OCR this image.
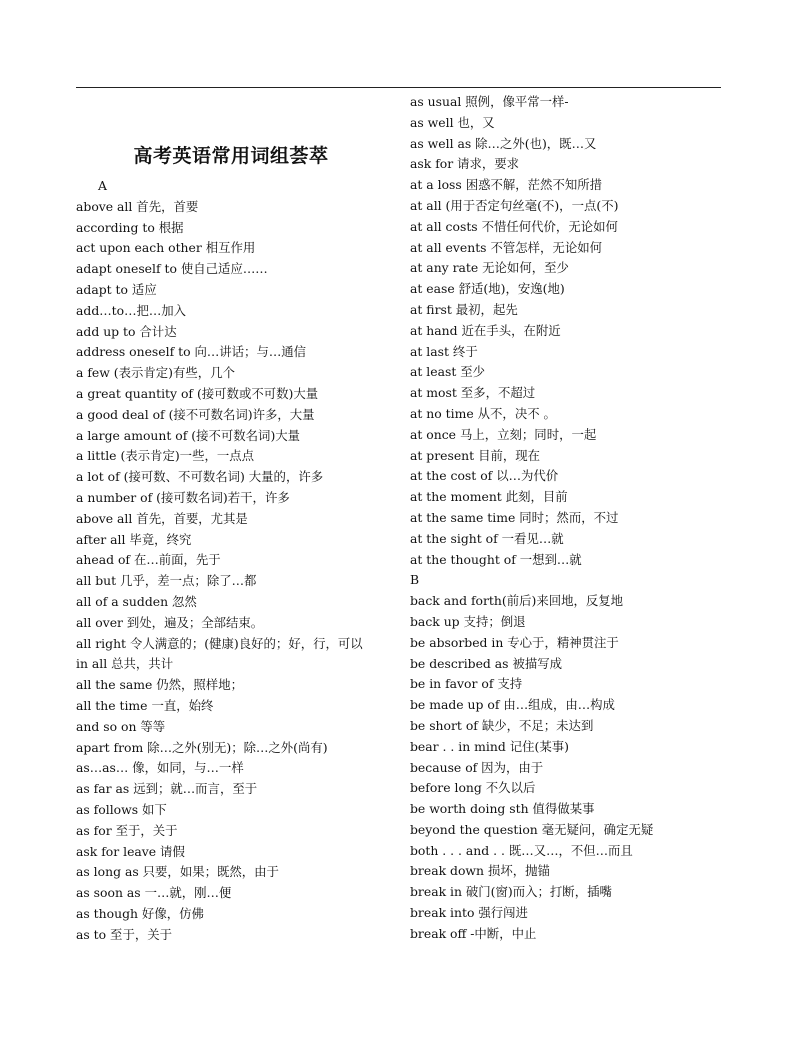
高考英语常用词组荟萃
A
above all 首先，首要
according to 根据
act upon each other 相互作用
adapt oneself to 使自己适应……
adapt to 适应
add…to…把…加入
add up to 合计达
address oneself to 向…讲话；与…通信
a few (表示肯定)有些，几个
a great quantity of (接可数或不可数)大量
a good deal of (接不可数名词)许多，大量
a large amount of (接不可数名词)大量
a little (表示肯定)一些，一点点
a lot of (接可数、不可数名词) 大量的，许多
a number of (接可数名词)若干，许多
above all 首先，首要，尤其是
after all 毕竟，终究
ahead of 在…前面，先于
all but 几乎，差一点；除了…都
all of a sudden 忽然
all over 到处，遍及；全部结束。
all right 令人满意的；(健康)良好的；好，行，可以
in all 总共，共计
all the same 仍然，照样地；
all the time 一直，始终
and so on 等等
apart from 除…之外(别无)；除…之外(尚有)
as…as… 像，如同，与…一样
as far as 远到；就…而言，至于
as follows 如下
as for 至于，关于
ask for leave 请假
as long as 只要，如果；既然，由于
as soon as 一…就，刚…便
as though 好像，仿佛
as to 至于，关于
as usual 照例，像平常一样-
as well 也，又
as well as 除…之外(也)，既…又
ask for 请求，要求
at a loss 困惑不解，茫然不知所措
at all (用于否定句丝毫(不)，一点(不)
at all costs 不惜任何代价，无论如何
at all events 不管怎样，无论如何
at any rate 无论如何，至少
at ease 舒适(地)，安逸(地)
at first 最初，起先
at hand 近在手头，在附近
at last 终于
at least 至少
at most 至多，不超过
at no time 从不，决不 。
at once 马上，立刻；同时，一起
at present 目前，现在
at the cost of 以…为代价
at the moment 此刻，目前
at the same time 同时；然而，不过
at the sight of 一看见…就
at the thought of 一想到…就
B
back and forth(前后)来回地，反复地
back up 支持；倒退
be absorbed in 专心于，精神贯注于
be described as 被描写成
be in favor of 支持
be made up of 由…组成，由…构成
be short of 缺少，不足；未达到
bear . . in mind 记住(某事)
because of 因为，由于
before long 不久以后
be worth doing sth 值得做某事
beyond the question 毫无疑问，确定无疑
both . . . and . . 既…又…，不但…而且
break down 损坏，抛锚
break in 破门(窗)而入；打断，插嘴
break into 强行闯进
break off -中断，中止
